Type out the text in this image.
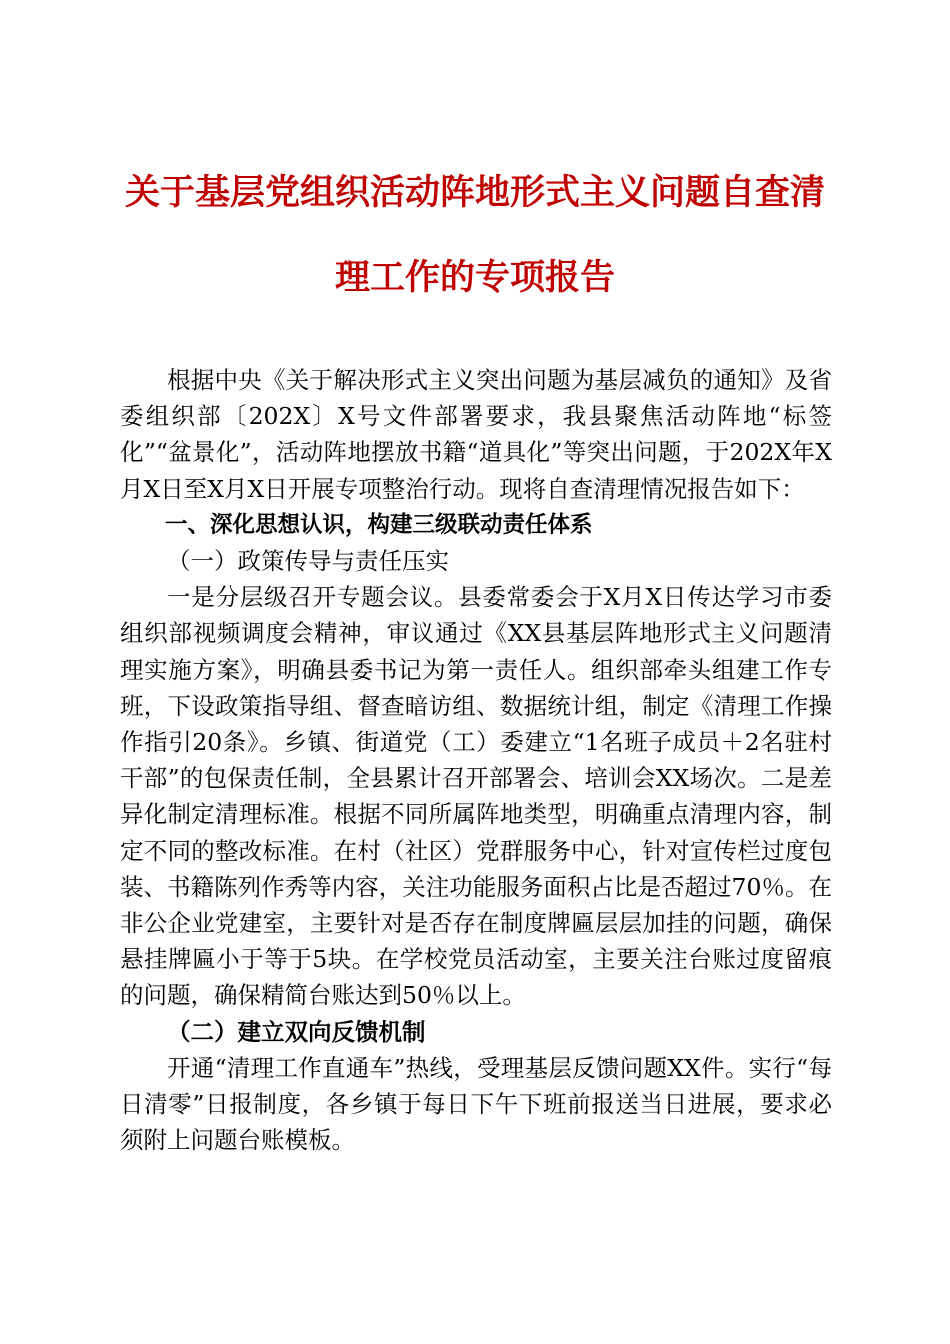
关于基层党组织活动阵地形式主义问题自查清
理工作的专项报告

根据中央《关于解决形式主义突出问题为基层减负的通知》及省委组织部〔202X〕X号文件部署要求，我县聚焦活动阵地“标签化”“盆景化”，活动阵地摆放书籍“道具化”等突出问题，于202X年X月X日至X月X日开展专项整治行动。现将自查清理情况报告如下：

一、深化思想认识，构建三级联动责任体系

（一）政策传导与责任压实

一是分层级召开专题会议。县委常委会于X月X日传达学习市委组织部视频调度会精神，审议通过《XX县基层阵地形式主义问题清理实施方案》，明确县委书记为第一责任人。组织部牵头组建工作专班，下设政策指导组、督查暗访组、数据统计组，制定《清理工作操作指引20条》。乡镇、街道党（工）委建立“1名班子成员＋2名驻村干部”的包保责任制，全县累计召开部署会、培训会XX场次。二是差异化制定清理标准。根据不同所属阵地类型，明确重点清理内容，制定不同的整改标准。在村（社区）党群服务中心，针对宣传栏过度包装、书籍陈列作秀等内容，关注功能服务面积占比是否超过70％。在非公企业党建室，主要针对是否存在制度牌匾层层加挂的问题，确保悬挂牌匾小于等于5块。在学校党员活动室，主要关注台账过度留痕的问题，确保精简台账达到50％以上。

（二）建立双向反馈机制

开通“清理工作直通车”热线，受理基层反馈问题XX件。实行“每日清零”日报制度，各乡镇于每日下午下班前报送当日进展，要求必须附上问题台账模板。
